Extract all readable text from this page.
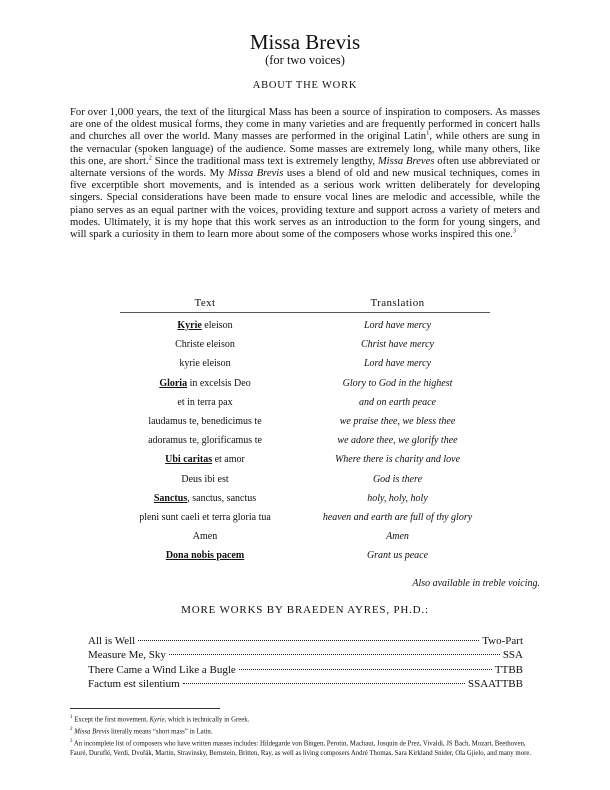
Missa Brevis
(for two voices)
ABOUT THE WORK
For over 1,000 years, the text of the liturgical Mass has been a source of inspiration to composers. As masses are one of the oldest musical forms, they come in many varieties and are frequently performed in concert halls and churches all over the world. Many masses are performed in the original Latin$^1$, while others are sung in the vernacular (spoken language) of the audience. Some masses are extremely long, while many others, like this one, are short.$^2$ Since the traditional mass text is extremely lengthy, Missa Breves often use abbreviated or alternate versions of the words. My Missa Brevis uses a blend of old and new musical techniques, comes in five excerptible short movements, and is intended as a serious work written deliberately for developing singers. Special considerations have been made to ensure vocal lines are melodic and accessible, while the piano serves as an equal partner with the voices, providing texture and support across a variety of meters and modes. Ultimately, it is my hope that this work serves as an introduction to the form for young singers, and will spark a curiosity in them to learn more about some of the composers whose works inspired this one.$^3$
Text	Translation
Kyrie eleison	Lord have mercy
Christe eleison	Christ have mercy
kyrie eleison	Lord have mercy
Gloria in excelsis Deo	Glory to God in the highest
et in terra pax	and on earth peace
laudamus te, benedicimus te	we praise thee, we bless thee
adoramus te, glorificamus te	we adore thee, we glorify thee
Ubi caritas et amor	Where there is charity and love
Deus ibi est	God is there
Sanctus, sanctus, sanctus	holy, holy, holy
pleni sunt caeli et terra gloria tua	heaven and earth are full of thy glory
Amen	Amen
Dona nobis pacem	Grant us peace
Also available in treble voicing.
MORE WORKS BY BRAEDEN AYRES, PH.D.:
All is Well	Two-Part
Measure Me, Sky	SSA
There Came a Wind Like a Bugle	TTBB
Factum est silentium	SSAATTBB

$^1$ Except the first movement, Kyrie, which is technically in Greek.

$^2$ Missa Brevis literally means “short mass” in Latin.

$^3$ An incomplete list of composers who have written masses includes: Hildegarde von Bingen, Perotin, Machaut, Josquin de Prez, Vivaldi, JS Bach, Mozart, Beethoven, Fauré, Duruflé, Verdi, Dvořák, Martin, Stravinsky, Bernstein, Britten, Ray, as well as living composers André Thomas, Sara Kirkland Snider, Ola Gjielo, and many more.
